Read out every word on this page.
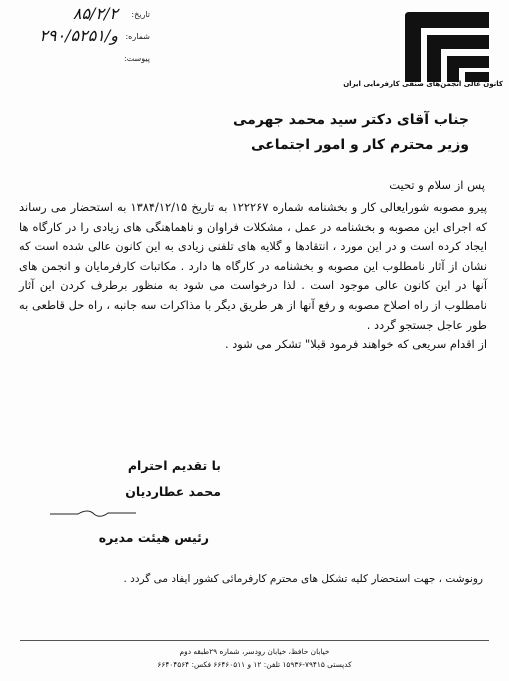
تاریخ:
۸۵/۲/۲
شماره:
۲۹۰/۵۲۵۱/و
پیوست:
کانون عالی انجمن‌های صنفی کارفرمایی ایران
جناب آقای دکتر سید محمد جهرمی
وزیر محترم کار و امور اجتماعی
پس از سلام و تحیت

پیرو مصوبه شورایعالی کار و بخشنامه شماره ۱۲۲۲۶۷ به تاریخ ۱۳۸۴/۱۲/۱۵ به استحضار می رساند که اجرای این مصوبه و بخشنامه در عمل ، مشکلات فراوان و ناهماهنگی های زیادی را در کارگاه ها ایجاد کرده است و در این مورد ، انتقادها و گلایه های تلفنی زیادی به این کانون عالی شده است که نشان از آثار نامطلوب این مصوبه و بخشنامه در کارگاه ها دارد . مکاتبات کارفرمایان و انجمن های آنها در این کانون عالی موجود است . لذا درخواست می شود به منظور برطرف کردن این آثار نامطلوب از راه اصلاح مصوبه و رفع آنها از هر طریق دیگر با مذاکرات سه جانبه ، راه حل قاطعی به طور عاجل جستجو گردد .

از اقدام سریعی که خواهند فرمود قبلا" تشکر می شود .

با تقدیم احترام
محمد عطاردیان
رئیس هیئت مدیره
رونوشت ، جهت استحضار کلیه تشکل های محترم کارفرمائی کشور ایفاد می گردد .
خیابان حافظ، خیابان رودسر، شماره ۲۹طبقه دوم
کدپستی ۷۹۴۱۵-۱۵۹۳۶ تلفن: ۱۲ و ۶۶۴۶۰۵۱۱ فکس: ۶۶۴۰۴۵۶۴
